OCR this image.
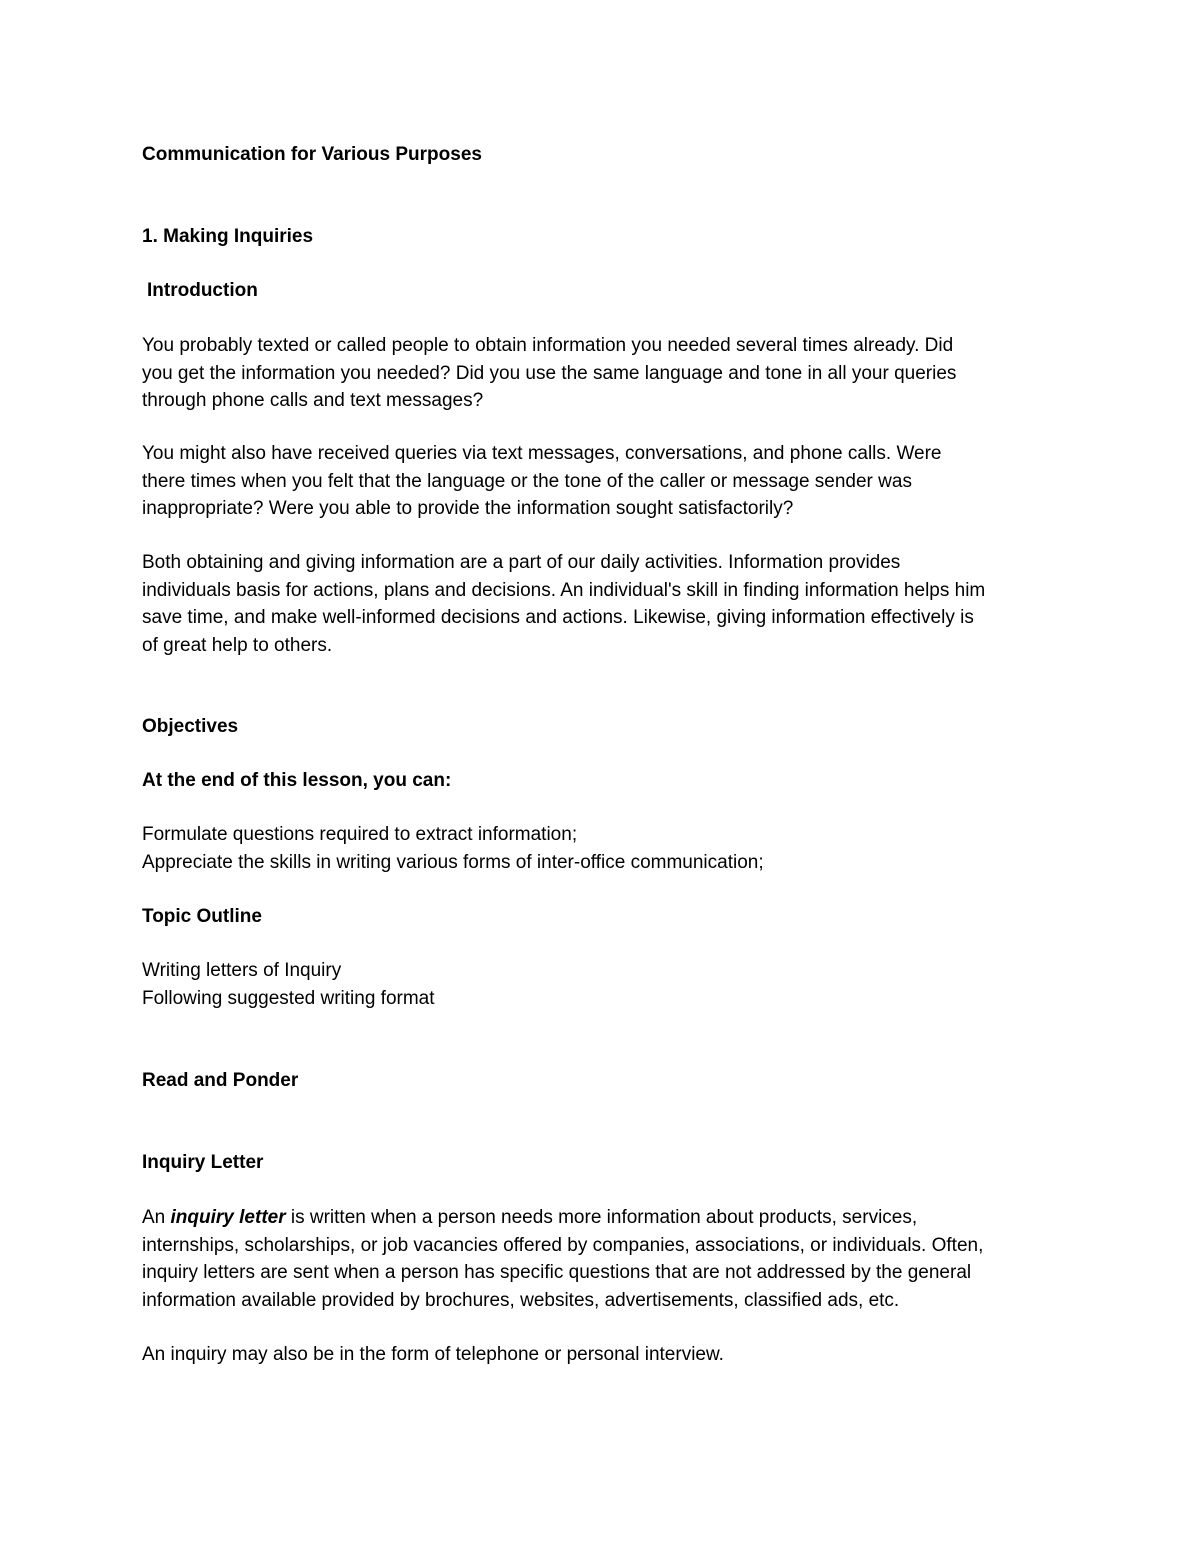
Communication for Various Purposes

1. Making Inquiries

Introduction

You probably texted or called people to obtain information you needed several times already. Did
you get the information you needed? Did you use the same language and tone in all your queries
through phone calls and text messages?

You might also have received queries via text messages, conversations, and phone calls. Were
there times when you felt that the language or the tone of the caller or message sender was
inappropriate? Were you able to provide the information sought satisfactorily?

Both obtaining and giving information are a part of our daily activities. Information provides
individuals basis for actions, plans and decisions. An individual's skill in finding information helps him
save time, and make well-informed decisions and actions. Likewise, giving information effectively is
of great help to others.

Objectives

At the end of this lesson, you can:

Formulate questions required to extract information;
Appreciate the skills in writing various forms of inter-office communication;

Topic Outline

Writing letters of Inquiry
Following suggested writing format

Read and Ponder

Inquiry Letter

An inquiry letter is written when a person needs more information about products, services,
internships, scholarships, or job vacancies offered by companies, associations, or individuals. Often,
inquiry letters are sent when a person has specific questions that are not addressed by the general
information available provided by brochures, websites, advertisements, classified ads, etc.

An inquiry may also be in the form of telephone or personal interview.
